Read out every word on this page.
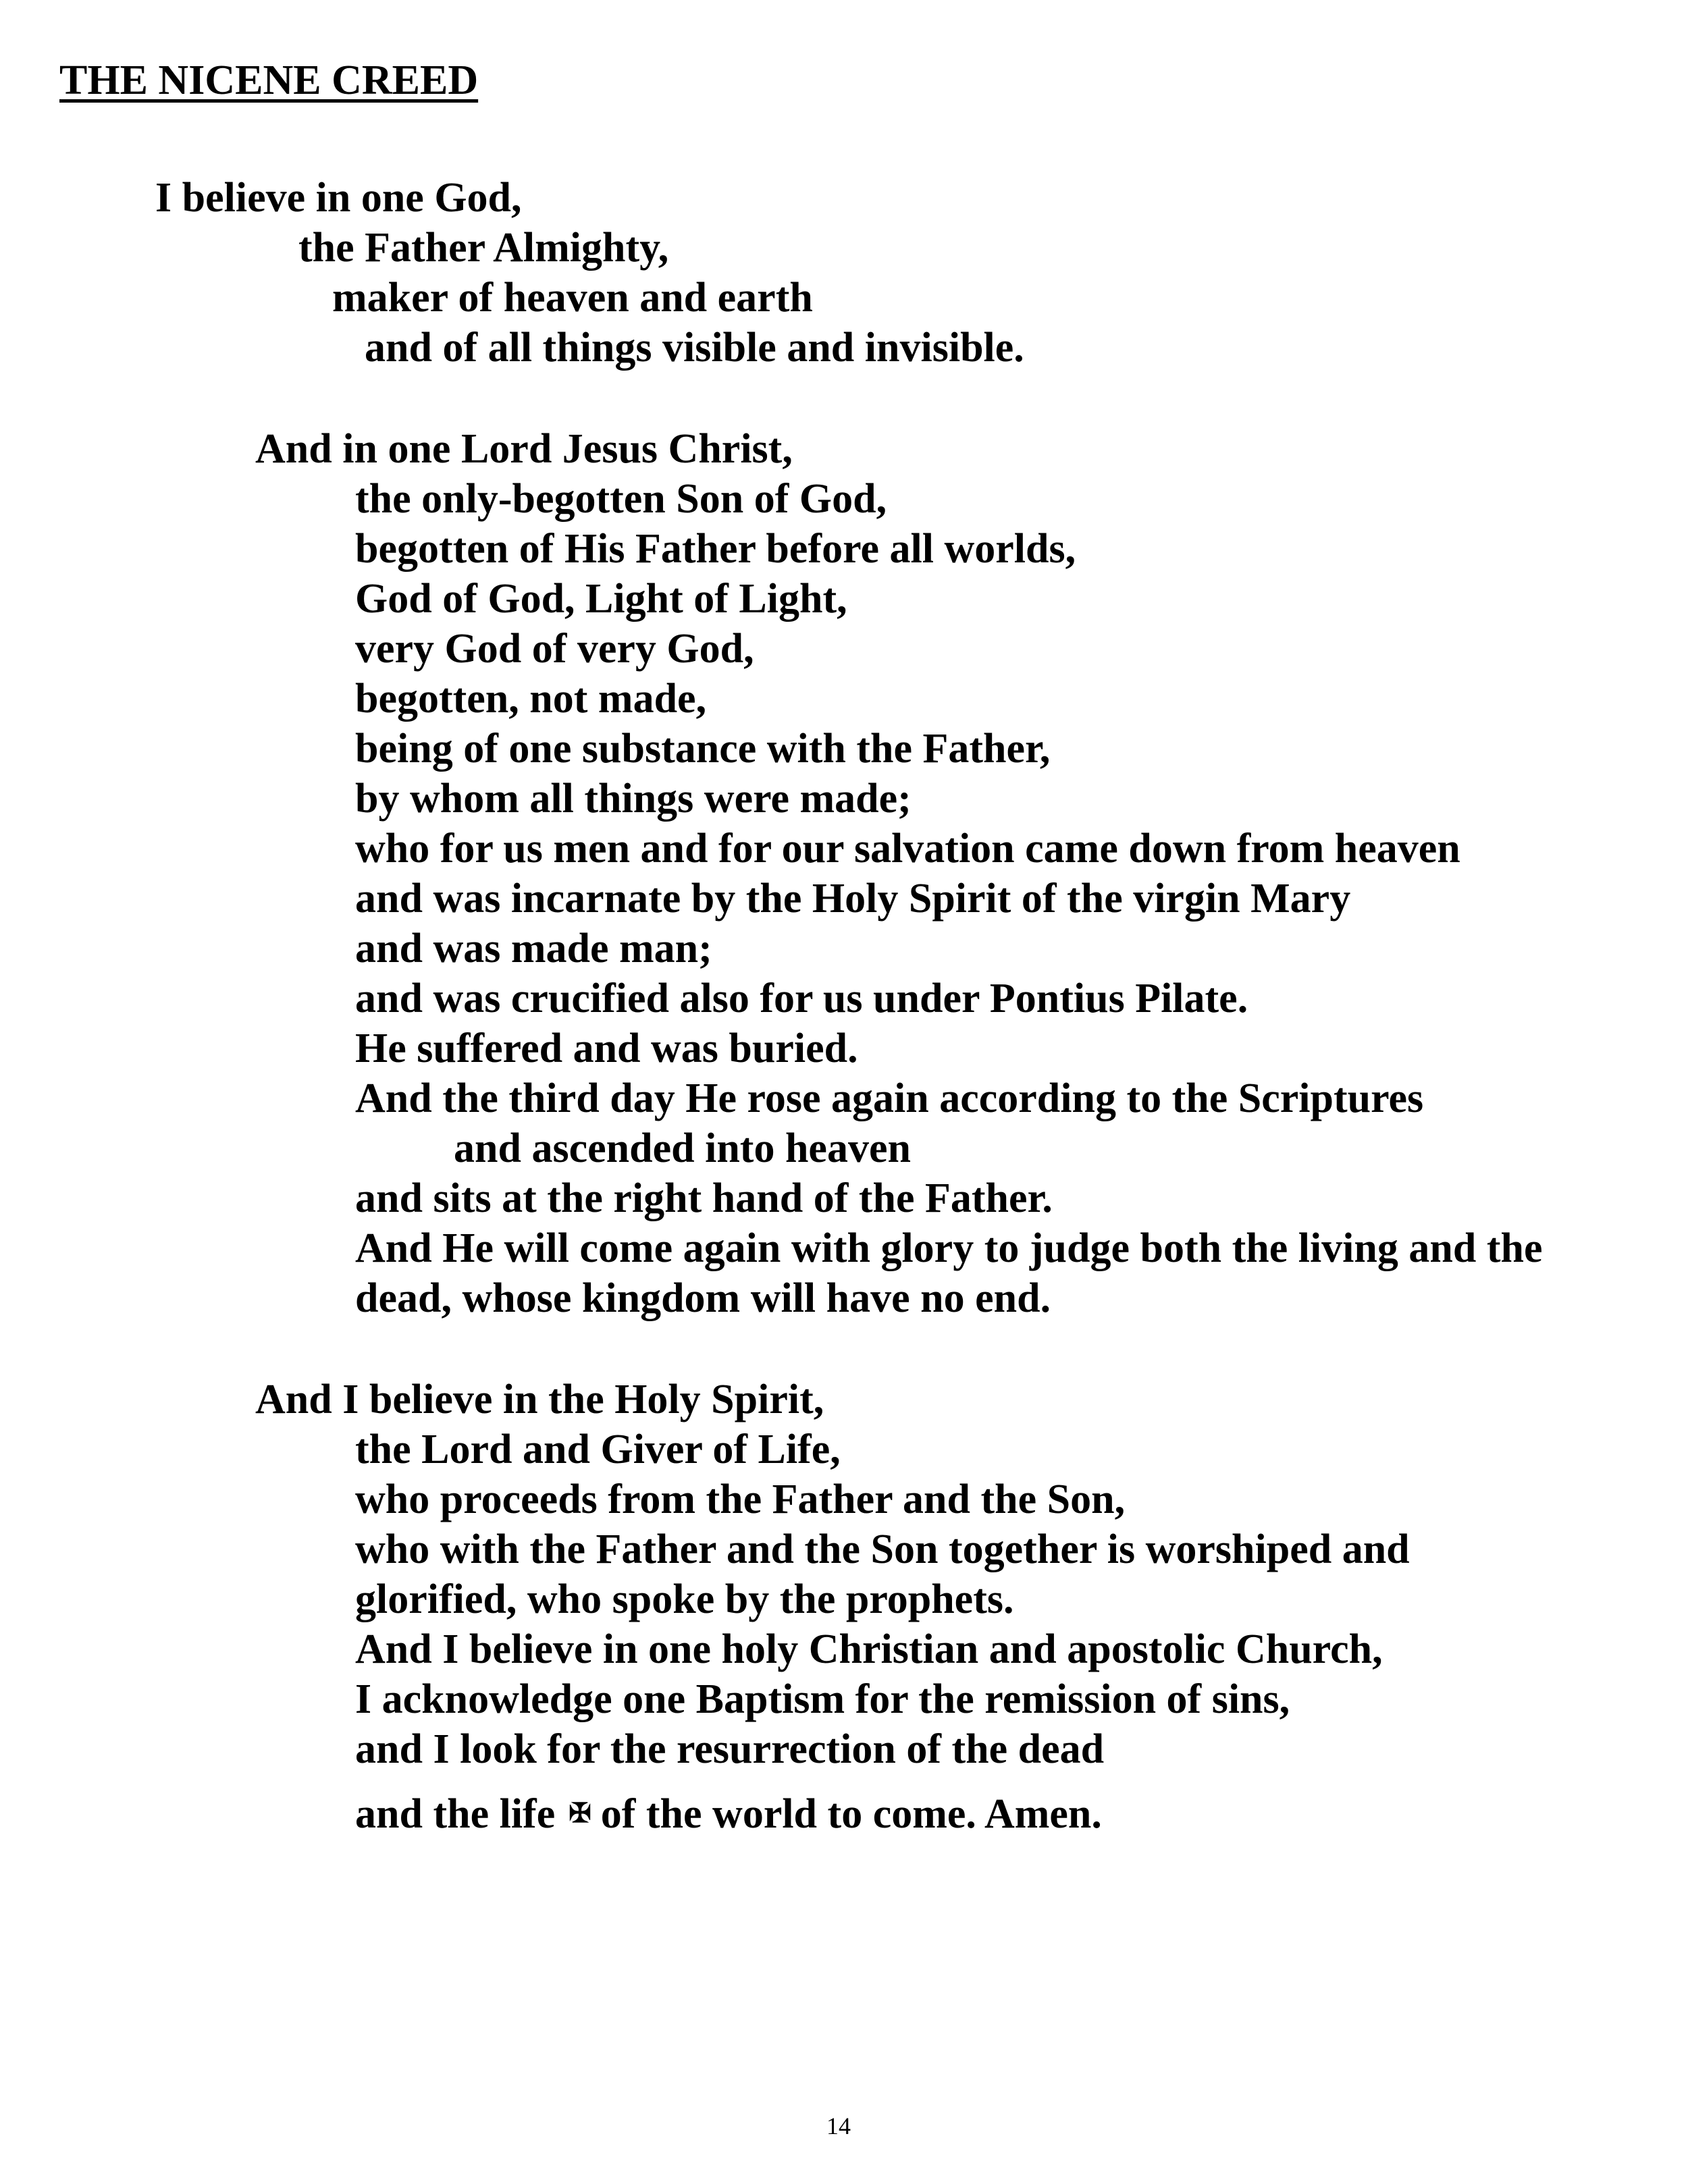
THE NICENE CREED
I believe in one God,
the Father Almighty,
maker of heaven and earth
and of all things visible and invisible.
And in one Lord Jesus Christ,
the only-begotten Son of God,
begotten of His Father before all worlds,
God of God, Light of Light,
very God of very God,
begotten, not made,
being of one substance with the Father,
by whom all things were made;
who for us men and for our salvation came down from heaven
and was incarnate by the Holy Spirit of the virgin Mary
and was made man;
and was crucified also for us under Pontius Pilate.
He suffered and was buried.
And the third day He rose again according to the Scriptures
and ascended into heaven
and sits at the right hand of the Father.
And He will come again with glory to judge both the living and the
dead, whose kingdom will have no end.
And I believe in the Holy Spirit,
the Lord and Giver of Life,
who proceeds from the Father and the Son,
who with the Father and the Son together is worshiped and
glorified, who spoke by the prophets.
And I believe in one holy Christian and apostolic Church,
I acknowledge one Baptism for the remission of sins,
and I look for the resurrection of the dead
and the life ✠ of the world to come. Amen.
14
